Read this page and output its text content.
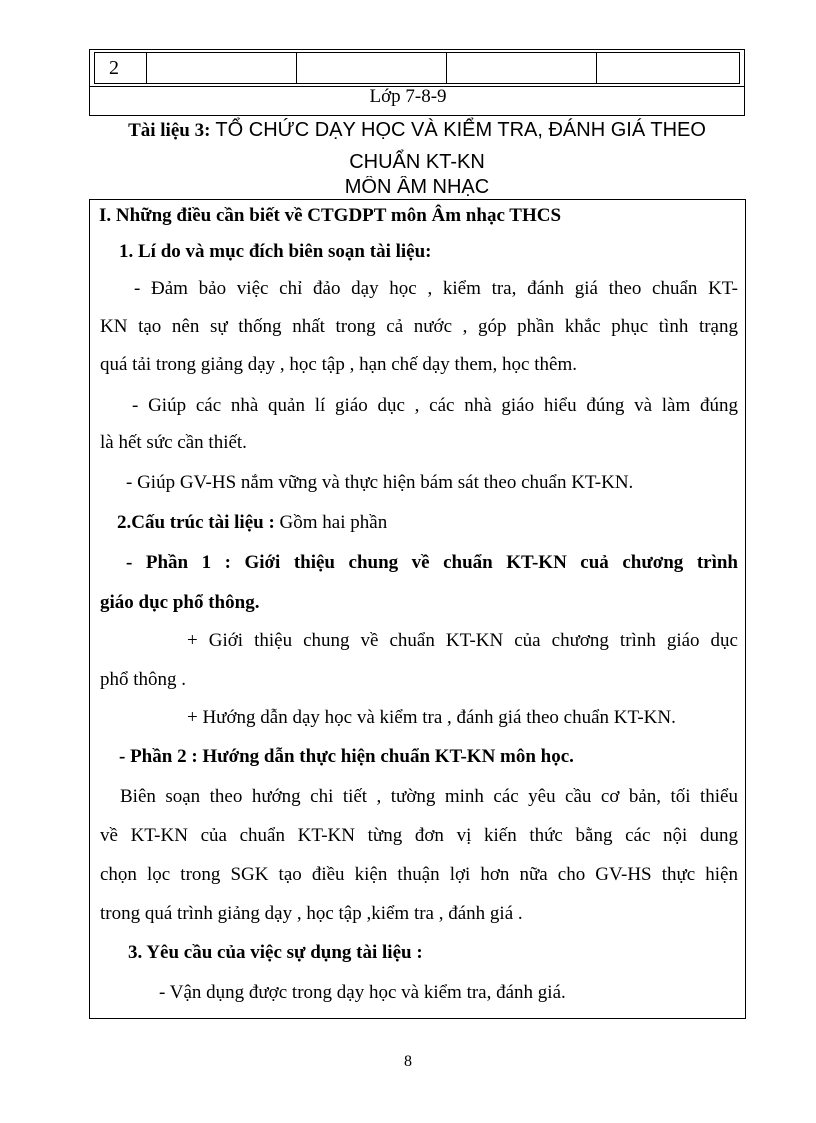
2
Lớp 7-8-9
Tài liệu 3: TỔ CHỨC DẠY HỌC VÀ KIỂM TRA, ĐÁNH GIÁ THEO
CHUẨN KT-KN
MÔN ÂM NHẠC
I. Những điều cần biết về CTGDPT môn Âm nhạc THCS
1. Lí do và mục đích biên soạn tài liệu:
- Đảm bảo việc chỉ đảo dạy học , kiểm tra, đánh giá theo chuẩn KT-
KN tạo nên sự thống nhất trong cả nước , góp phần khắc phục tình trạng
quá tải trong giảng dạy , học tập , hạn chế dạy them, học thêm.
- Giúp các nhà quản lí giáo dục , các nhà giáo hiểu đúng và làm đúng
là hết sức cần thiết.
- Giúp GV-HS nắm vững và thực hiện bám sát theo chuẩn KT-KN.
2.Cấu trúc tài liệu : Gồm hai phần
- Phần 1 : Giới thiệu chung về chuẩn KT-KN cuả chương trình
giáo dục phổ thông.
+ Giới thiệu chung về chuẩn KT-KN của chương trình giáo dục
phổ thông .
+ Hướng dẫn dạy học và kiểm tra , đánh giá theo chuẩn KT-KN.
- Phần 2 : Hướng dẫn thực hiện chuẩn KT-KN môn học.
Biên soạn theo hướng chi tiết , tường minh các yêu cầu cơ bản, tối thiểu
về KT-KN của chuẩn KT-KN từng đơn vị kiến thức bằng các nội dung
chọn lọc trong SGK tạo điều kiện thuận lợi hơn nữa cho GV-HS thực hiện
trong quá trình giảng dạy , học tập ,kiểm tra , đánh giá .
3. Yêu cầu của việc sự dụng tài liệu :
- Vận dụng được trong dạy học và kiểm tra, đánh giá.
8
